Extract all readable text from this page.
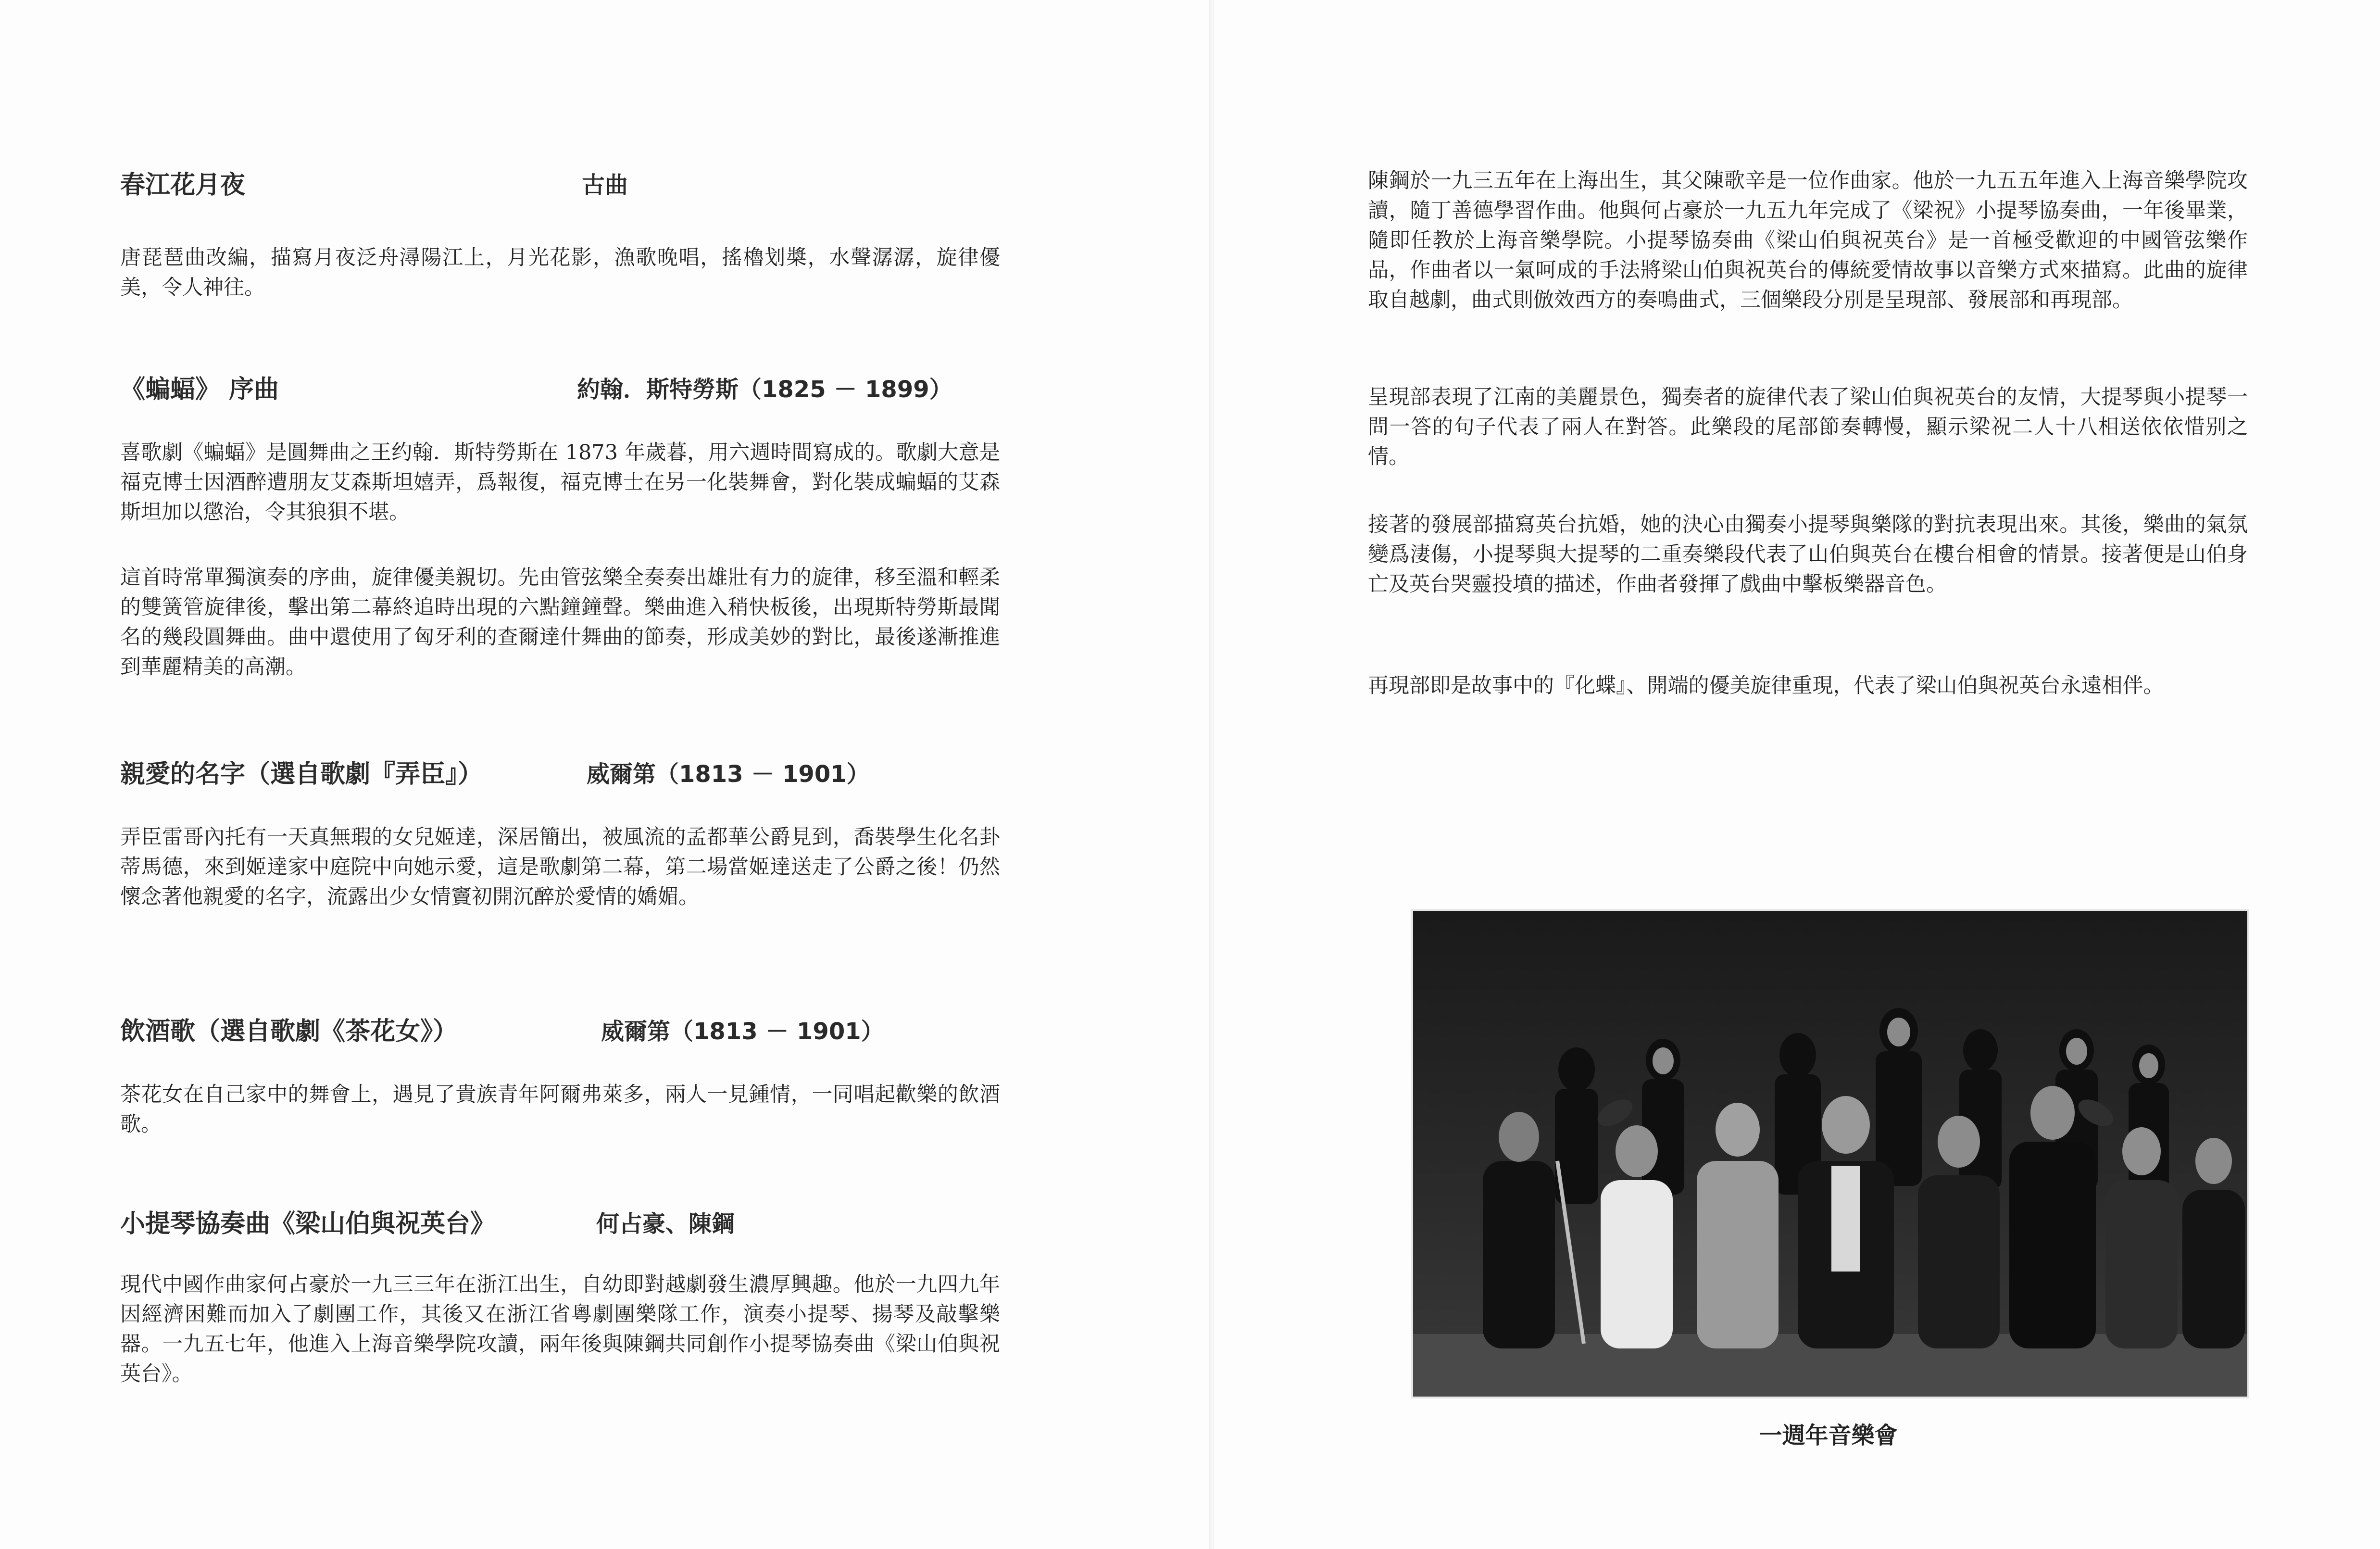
春江花月夜	古曲

唐琵琶曲改編，描寫月夜泛舟潯陽江上，月光花影，漁歌晚唱，搖櫓划槳，水聲潺潺，旋律優美，令人神往。

《蝙蝠》 序曲	約翰．斯特勞斯（1825 － 1899）

喜歌劇《蝙蝠》是圓舞曲之王约翰．斯特勞斯在 1873 年歲暮，用六週時間寫成的。歌劇大意是福克博士因酒醉遭朋友艾森斯坦嬉弄，爲報復，福克博士在另一化裝舞會，對化裝成蝙蝠的艾森斯坦加以懲治，令其狼狽不堪。

這首時常單獨演奏的序曲，旋律優美親切。先由管弦樂全奏奏出雄壯有力的旋律，移至溫和輕柔的雙簧管旋律後，擊出第二幕終追時出現的六點鐘鐘聲。樂曲進入稍快板後，出現斯特勞斯最聞名的幾段圓舞曲。曲中還使用了匈牙利的查爾達什舞曲的節奏，形成美妙的對比，最後遂漸推進到華麗精美的高潮。

親愛的名字（選自歌劇『弄臣』）	威爾第（1813 － 1901）

弄臣雷哥內托有一天真無瑕的女兒姬達，深居簡出，被風流的孟都華公爵見到，喬裝學生化名卦蒂馬德，來到姬達家中庭院中向她示愛，這是歌劇第二幕，第二場當姬達送走了公爵之後！仍然懷念著他親愛的名字，流露出少女情竇初開沉醉於愛情的嬌媚。

飲酒歌（選自歌劇《茶花女》）	威爾第（1813 － 1901）

茶花女在自己家中的舞會上，遇見了貴族青年阿爾弗萊多，兩人一見鍾情，一同唱起歡樂的飲酒歌。

小提琴協奏曲《梁山伯與祝英台》	何占豪、陳鋼

現代中國作曲家何占豪於一九三三年在浙江出生，自幼即對越劇發生濃厚興趣。他於一九四九年因經濟困難而加入了劇團工作，其後又在浙江省粵劇團樂隊工作，演奏小提琴、揚琴及敲擊樂器。一九五七年，他進入上海音樂學院攻讀，兩年後與陳鋼共同創作小提琴協奏曲《梁山伯與祝英台》。

陳鋼於一九三五年在上海出生，其父陳歌辛是一位作曲家。他於一九五五年進入上海音樂學院攻讀，隨丁善德學習作曲。他與何占豪於一九五九年完成了《梁祝》小提琴協奏曲，一年後畢業，隨即任教於上海音樂學院。小提琴協奏曲《梁山伯與祝英台》是一首極受歡迎的中國管弦樂作品，作曲者以一氣呵成的手法將梁山伯與祝英台的傳統愛情故事以音樂方式來描寫。此曲的旋律取自越劇，曲式則倣效西方的奏鳴曲式，三個樂段分別是呈現部、發展部和再現部。

呈現部表現了江南的美麗景色，獨奏者的旋律代表了梁山伯與祝英台的友情，大提琴與小提琴一問一答的句子代表了兩人在對答。此樂段的尾部節奏轉慢，顯示梁祝二人十八相送依依惜别之情。

接著的發展部描寫英台抗婚，她的決心由獨奏小提琴與樂隊的對抗表現出來。其後，樂曲的氣氛變爲淒傷，小提琴與大提琴的二重奏樂段代表了山伯與英台在樓台相會的情景。接著便是山伯身亡及英台哭靈投墳的描述，作曲者發揮了戲曲中擊板樂器音色。

再現部即是故事中的『化蝶』、開端的優美旋律重現，代表了梁山伯與祝英台永遠相伴。

一週年音樂會
